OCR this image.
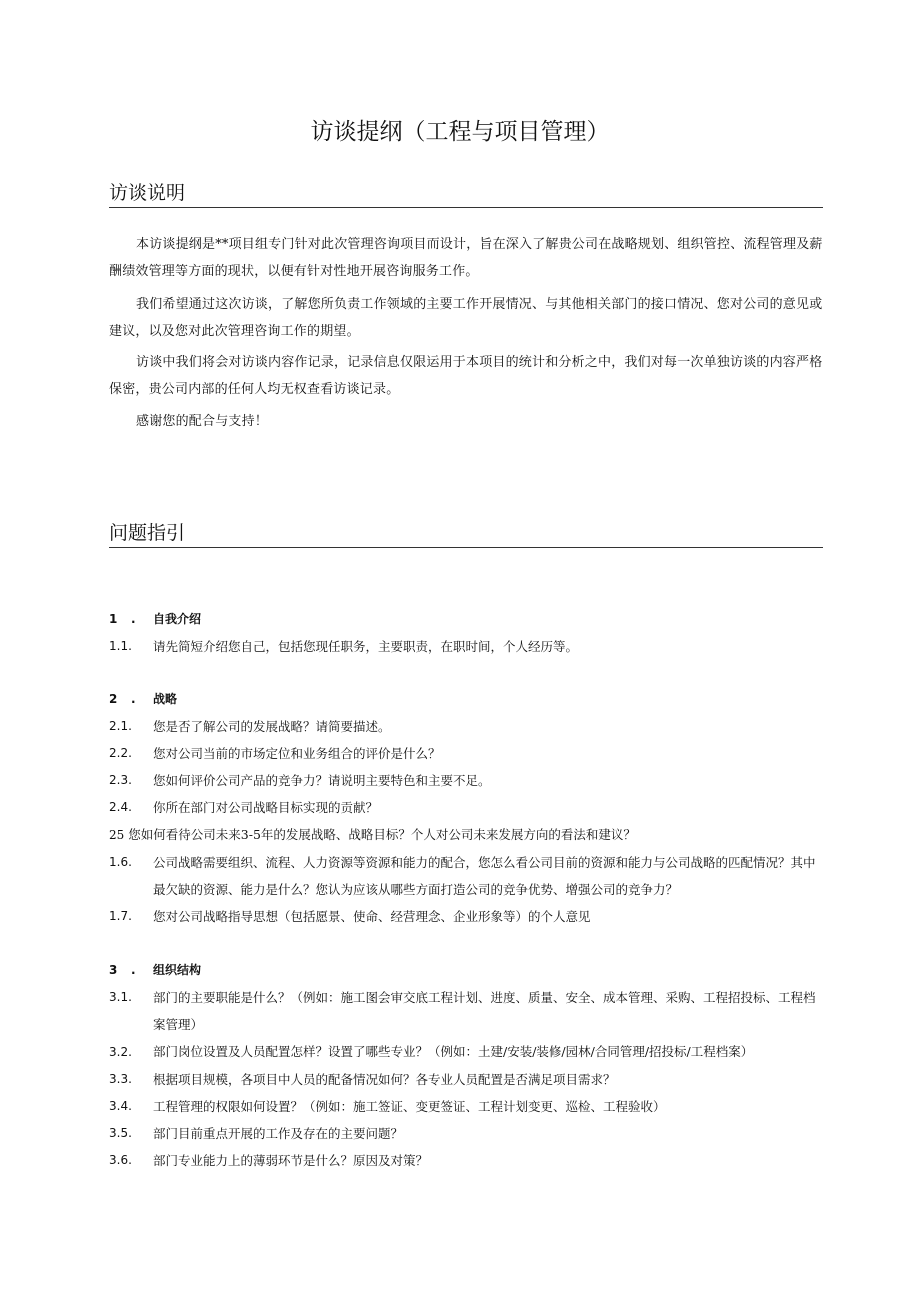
访谈提纲（工程与项目管理）
访谈说明
本访谈提纲是**项目组专门针对此次管理咨询项目而设计，旨在深入了解贵公司在战略规划、组织管控、流程管理及薪酬绩效管理等方面的现状，以便有针对性地开展咨询服务工作。
我们希望通过这次访谈，了解您所负责工作领域的主要工作开展情况、与其他相关部门的接口情况、您对公司的意见或建议，以及您对此次管理咨询工作的期望。
访谈中我们将会对访谈内容作记录，记录信息仅限运用于本项目的统计和分析之中，我们对每一次单独访谈的内容严格保密，贵公司内部的任何人均无权查看访谈记录。
感谢您的配合与支持！
问题指引
1	.	自我介绍
1.1.	请先简短介绍您自己，包括您现任职务，主要职责，在职时间，个人经历等。
2	.	战略
2.1.	您是否了解公司的发展战略？请简要描述。
2.2.	您对公司当前的市场定位和业务组合的评价是什么？
2.3.	您如何评价公司产品的竞争力？请说明主要特色和主要不足。
2.4.	你所在部门对公司战略目标实现的贡献？
25 您如何看待公司未来3-5年的发展战略、战略目标？个人对公司未来发展方向的看法和建议？
1.6.	公司战略需要组织、流程、人力资源等资源和能力的配合，您怎么看公司目前的资源和能力与公司战略的匹配情况？其中最欠缺的资源、能力是什么？您认为应该从哪些方面打造公司的竞争优势、增强公司的竞争力？
1.7.	您对公司战略指导思想（包括愿景、使命、经营理念、企业形象等）的个人意见
3	.	组织结构
3.1.	部门的主要职能是什么？（例如：施工图会审交底工程计划、进度、质量、安全、成本管理、采购、工程招投标、工程档案管理）
3.2. 部门岗位设置及人员配置怎样？设置了哪些专业？（例如：土建/安装/装修/园林/合同管理/招投标/工程档案）
3.3.	根据项目规模，各项目中人员的配备情况如何？各专业人员配置是否满足项目需求？
3.4.	工程管理的权限如何设置？（例如：施工签证、变更签证、工程计划变更、巡检、工程验收）
3.5.	部门目前重点开展的工作及存在的主要问题？
3.6.	部门专业能力上的薄弱环节是什么？原因及对策？
